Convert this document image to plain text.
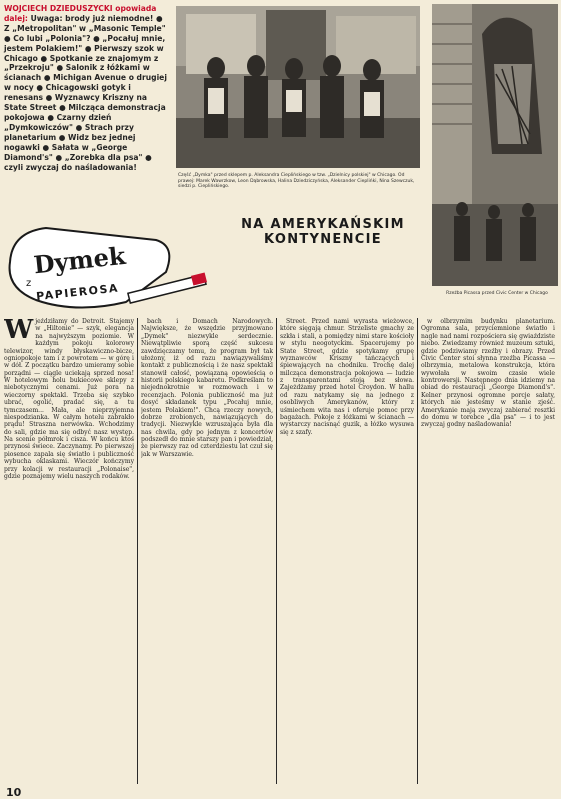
WOJCIECH DZIEDUSZYCKI opowiada dalej: Uwaga: brody już niemodne! ● Z „Metropolitan" w „Masonic Temple" ● Co lubi „Polonia"? ● „Pocałuj mnie, jestem Polakiem!" ● Pierwszy szok w Chicago ● Spotkanie ze znajomym z „Przekroju" ● Salonik z łóżkami w ścianach ● Michigan Avenue o drugiej w nocy ● Chicagowski gotyk i renesans ● Wyznawcy Kriszny na State Street ● Milcząca demonstracja pokojowa ● Czarny dzień „Dymkowiczów" ● Strach przy planetarium ● Widz bez jednej nogawki ● Sałata w „George Diamond's" ● „Zorebka dla psa" ● czyli zwyczaj do naśladowania!
Część „Dymka" przed sklepem p. Aleksandra Cieplińskiego w tzw. „Dzielnicy polskiej" w Chicago. Od prawej: Marek Wawrzkow, Leon Dąbrowska, Halina Dziedziczyńska, Aleksander Cieplińki, Nina Szewczuk, siedzi p. Cieplińskiego.
Rzeźba Picassa przed Civic Center w Chicago
NA AMERYKAŃSKIM KONTYNENCIE
Dymek
z PAPIEROSA

Wjeździłamy do Detroit. Stajemy w „Hiltonie" — szyk, elegancja na najwyższym poziomie. W każdym pokoju kolorowy telewizor, windy błyskawiczno-bicze, ogniopokoje tam i z powrotem — w górę i w dół. Z początku bardzo umieramy sobie porządni — ciągle uciekają sprzed nosa! W hotelowym holu bukiecowe sklepy z niebotycznymi cenami. Już pora na wieczorny spektakl. Trzeba się szybko ubrać, ogolić, pradać się, a tu tymczasem... Mała, ale nieprzyjemna niespodzianka. W całym hotelu zabrakło prądu! Straszna nerwówka. Wchodzimy do sali, gdzie ma się odbyć nasz występ. Na scenie półmrok i cisza. W końcu ktoś przynosi świece. Zaczynamy. Po pierwszej piosence zapala się światło i publiczność wybucha oklaskami. Wieczór kończymy przy kolacji w restauracji „Polonaise", gdzie poznajemy wielu naszych rodaków.

bach i Domach Narodowych. Największe, że wszędzie przyjmowano „Dymek" niezwykle serdecznie. Niewątpliwie sporą część sukcesu zawdzięczamy temu, że program był tak ułożony, iż od razu nawiązywaliśmy kontakt z publicznością i że nasz spektakl stanowił całość, powiązaną opowieścią o historii polskiego kabaretu. Podkreślam to niejednokrotnie w rozmowach i w recenzjach. Polonia publiczność ma już dosyć składanek typu „Pocałuj mnie, jestem Polakiem!". Chcą rzeczy nowych, dobrze zrobionych, nawiązujących do tradycji. Niezwykle wzruszająca była dla nas chwila, gdy po jednym z koncertów podszedł do mnie starszy pan i powiedział, że pierwszy raz od czterdziestu lat czuł się jak w Warszawie.

Street. Przed nami wyrasta wieżowce, które sięgają chmur. Strzeliste gmachy ze szkła i stali, a pomiędzy nimi stare kościoły w stylu neogotyckim. Spacerujemy po State Street, gdzie spotykamy grupę wyznawców Kriszny tańczących i śpiewających na chodniku. Trochę dalej milcząca demonstracja pokojowa — ludzie z transparentami stoją bez słowa. Zajeżdżamy przed hotel Croydon. W hallu od razu natykamy się na jednego z osobliwych Amerykanów, który z uśmiechem wita nas i oferuje pomoc przy bagażach. Pokoje z łóżkami w ścianach — wystarczy nacisnąć guzik, a łóżko wysuwa się z szafy.

w olbrzymim budynku planetarium. Ogromna sala, przyciemnione światło i nagle nad nami rozpościera się gwiaździste niebo. Zwiedzamy również muzeum sztuki, gdzie podziwiamy rzeźby i obrazy. Przed Civic Center stoi słynna rzeźba Picassa — olbrzymia, metalowa konstrukcja, która wywołała w swoim czasie wiele kontrowersji. Następnego dnia idziemy na obiad do restauracji „George Diamond's". Kelner przynosi ogromne porcje sałaty, których nie jesteśmy w stanie zjeść. Amerykanie mają zwyczaj zabierać resztki do domu w torebce „dla psa" — i to jest zwyczaj godny naśladowania!

10
